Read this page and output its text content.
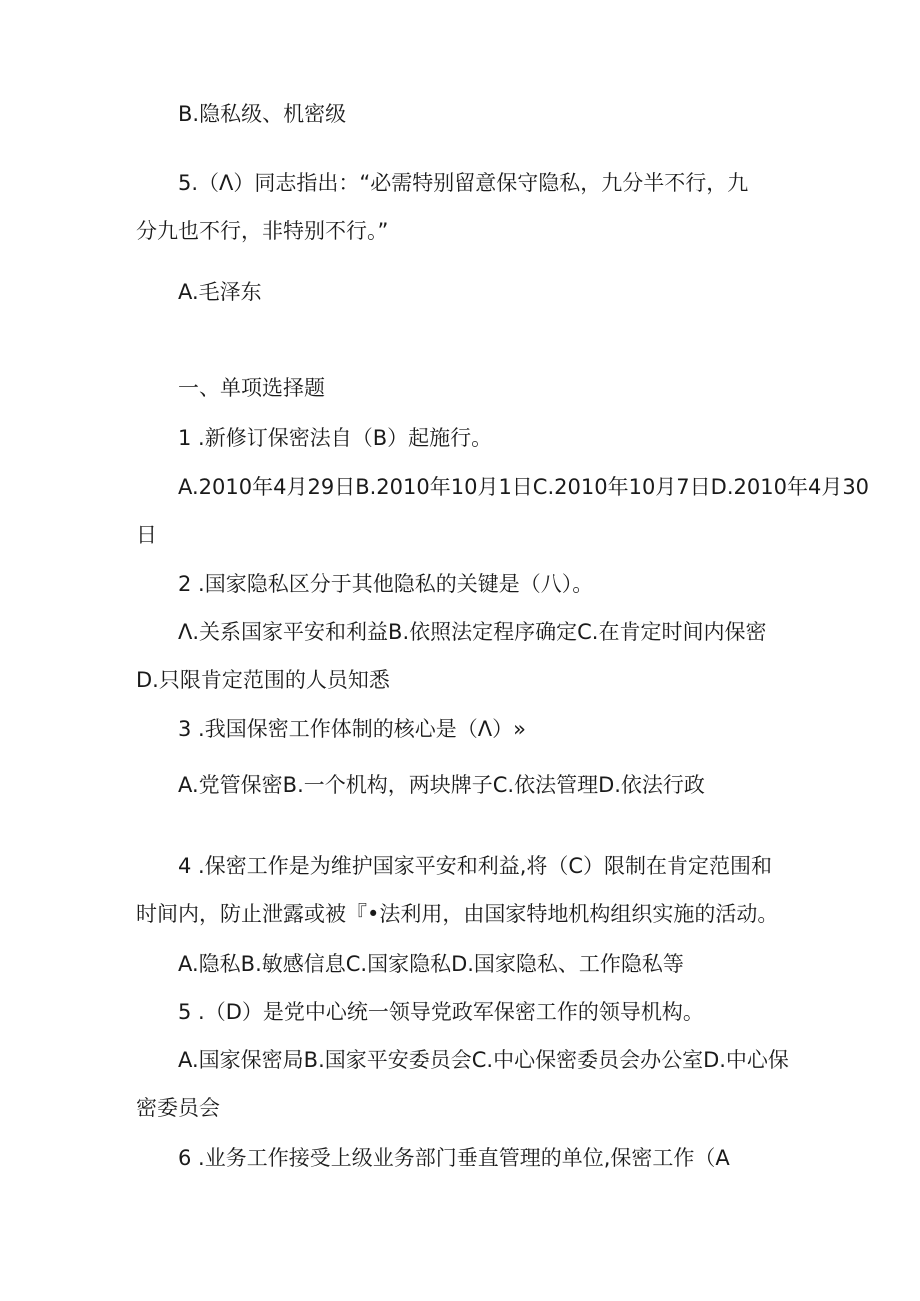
B.隐私级、机密级
5.（Λ）同志指出：“必需特别留意保守隐私，九分半不行，九
分九也不行，非特别不行。”
A.毛泽东
一、单项选择题
1 .新修订保密法自（B）起施行。
A.2010年4月29日B.2010年10月1日C.2010年10月7日D.2010年4月30
日
2 .国家隐私区分于其他隐私的关键是（八）。
Λ.关系国家平安和利益B.依照法定程序确定C.在肯定时间内保密
D.只限肯定范围的人员知悉
3 .我国保密工作体制的核心是（Λ）»
A.党管保密B.一个机构，两块牌子C.依法管理D.依法行政
4 .保密工作是为维护国家平安和利益,将（C）限制在肯定范围和
时间内，防止泄露或被『•法利用，由国家特地机构组织实施的活动。
A.隐私B.敏感信息C.国家隐私D.国家隐私、工作隐私等
5 .（D）是党中心统一领导党政军保密工作的领导机构。
A.国家保密局B.国家平安委员会C.中心保密委员会办公室D.中心保
密委员会
6 .业务工作接受上级业务部门垂直管理的单位,保密工作（A
